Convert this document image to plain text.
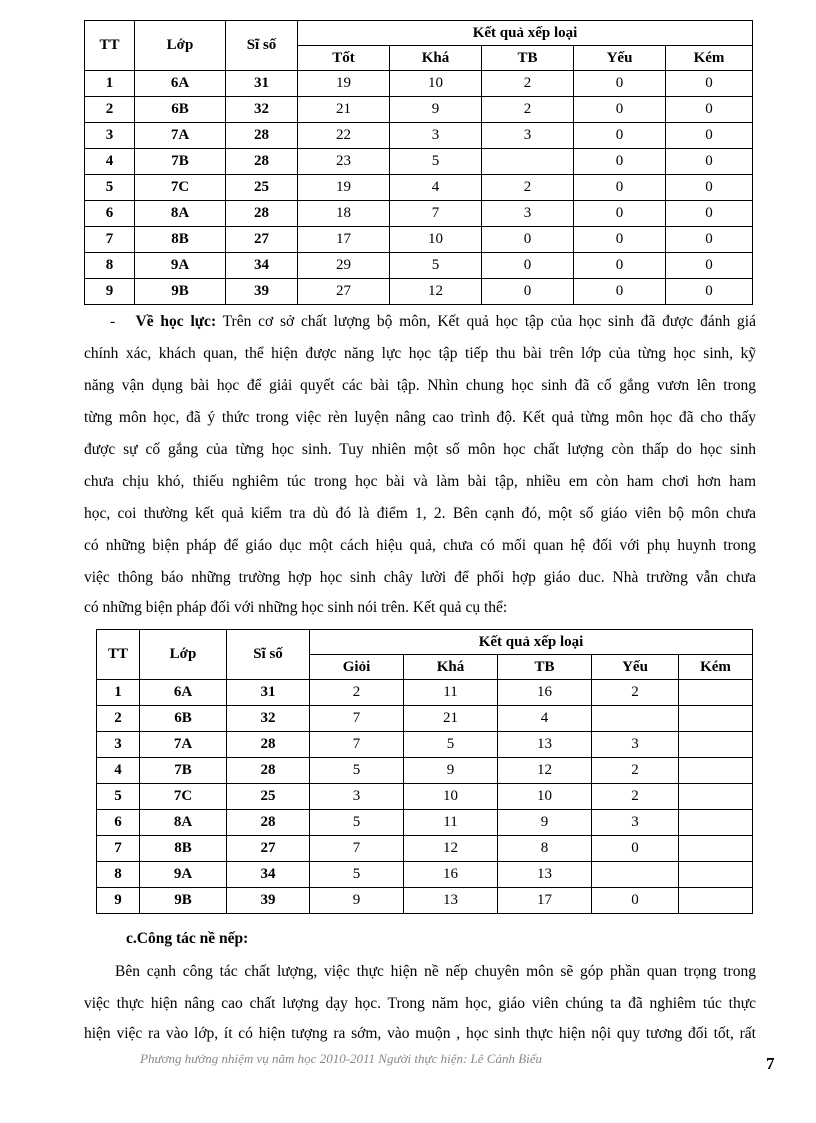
TT	Lớp	Sĩ số	Kết quả xếp loại				
			Tốt	Khá	TB	Yếu	Kém
1	6A	31	19	10	2	0	0
2	6B	32	21	9	2	0	0
3	7A	28	22	3	3	0	0
4	7B	28	23	5		0	0
5	7C	25	19	4	2	0	0
6	8A	28	18	7	3	0	0
7	8B	27	17	10	0	0	0
8	9A	34	29	5	0	0	0
9	9B	39	27	12	0	0	0
- Về học lực: Trên cơ sở chất lượng bộ môn, Kết quả học tập của học sinh đã được đánh giá
chính xác, khách quan, thể hiện được năng lực học tập tiếp thu bài trên lớp của từng học sinh, kỹ
năng vận dụng bài học để giải quyết các bài tập. Nhìn chung học sinh đã cố gắng vươn lên trong
từng môn học, đã ý thức trong việc rèn luyện nâng cao trình độ. Kết quả từng môn học đã cho thấy
được sự cố gắng của từng học sinh. Tuy nhiên một số môn học chất lượng còn thấp do học sinh
chưa chịu khó, thiếu nghiêm túc trong học bài và làm bài tập, nhiều em còn ham chơi hơn ham
học, coi thường kết quả kiểm tra dù đó là điểm 1, 2. Bên cạnh đó, một số giáo viên bộ môn chưa
có những biện pháp để giáo dục một cách hiệu quả, chưa có mối quan hệ đối với phụ huynh trong
việc thông báo những trường hợp học sinh chây lười để phối hợp giáo duc. Nhà trường vẫn chưa
có những biện pháp đối với những học sinh nói trên. Kết quả cụ thể:
TT	Lớp	Sĩ số	Kết quả xếp loại				
			Giỏi	Khá	TB	Yếu	Kém
1	6A	31	2	11	16	2	
2	6B	32	7	21	4		
3	7A	28	7	5	13	3	
4	7B	28	5	9	12	2	
5	7C	25	3	10	10	2	
6	8A	28	5	11	9	3	
7	8B	27	7	12	8	0	
8	9A	34	5	16	13		
9	9B	39	9	13	17	0	
c.Công tác nề nếp:
Bên cạnh công tác chất lượng, việc thực hiện nề nếp chuyên môn sẽ góp phần quan trọng trong
việc thực hiện nâng cao chất lượng dạy học. Trong năm học, giáo viên chúng ta đã nghiêm túc thực
hiện việc ra vào lớp, ít có hiện tượng ra sớm, vào muộn , học sinh thực hiện nội quy tương đối tốt, rất
Phương hướng nhiệm vụ năm học 2010-2011 Người thực hiện: Lê Cảnh Biểu	7
